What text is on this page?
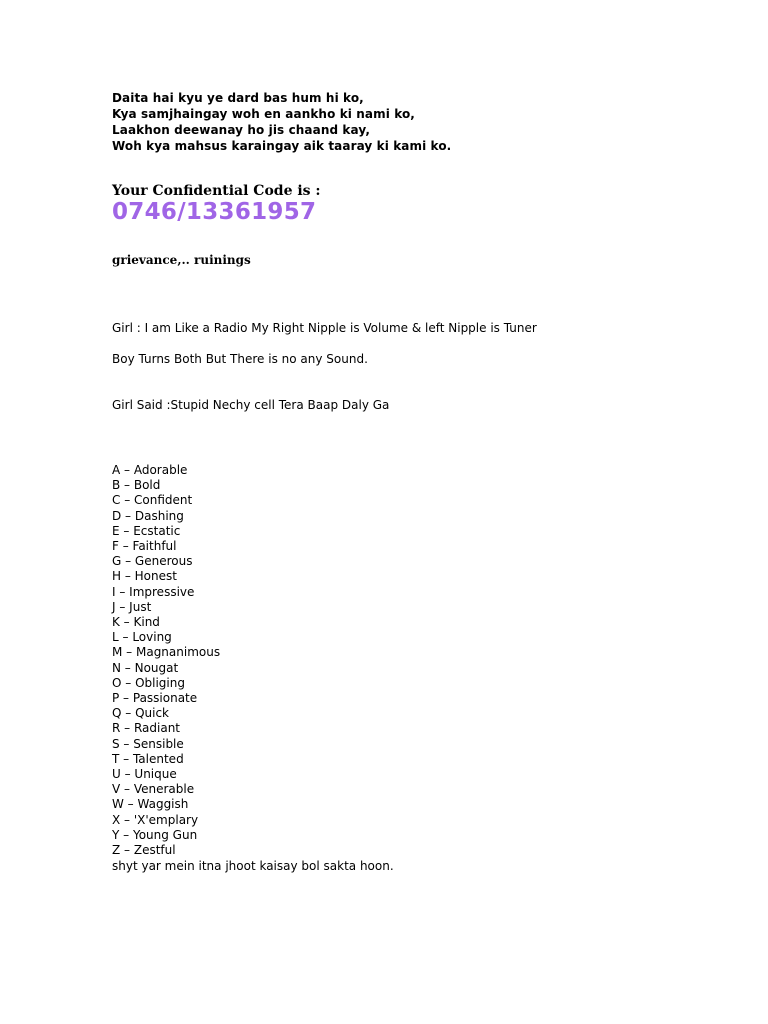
Daita hai kyu ye dard bas hum hi ko,
Kya samjhaingay woh en aankho ki nami ko,
Laakhon deewanay ho jis chaand kay,
Woh kya mahsus karaingay aik taaray ki kami ko.
Your Confidential Code is :
0746/13361957
grievance,.. ruinings
Girl : I am Like a Radio My Right Nipple is Volume & left Nipple is Tuner
Boy Turns Both But There is no any Sound.
Girl Said :Stupid Nechy cell Tera Baap Daly Ga
A – Adorable
B – Bold
C – Confident
D – Dashing
E – Ecstatic
F – Faithful
G – Generous
H – Honest
I – Impressive
J – Just
K – Kind
L – Loving
M – Magnanimous
N – Nougat
O – Obliging
P – Passionate
Q – Quick
R – Radiant
S – Sensible
T – Talented
U – Unique
V – Venerable
W – Waggish
X – 'X'emplary
Y – Young Gun
Z – Zestful
shyt yar mein itna jhoot kaisay bol sakta hoon.
